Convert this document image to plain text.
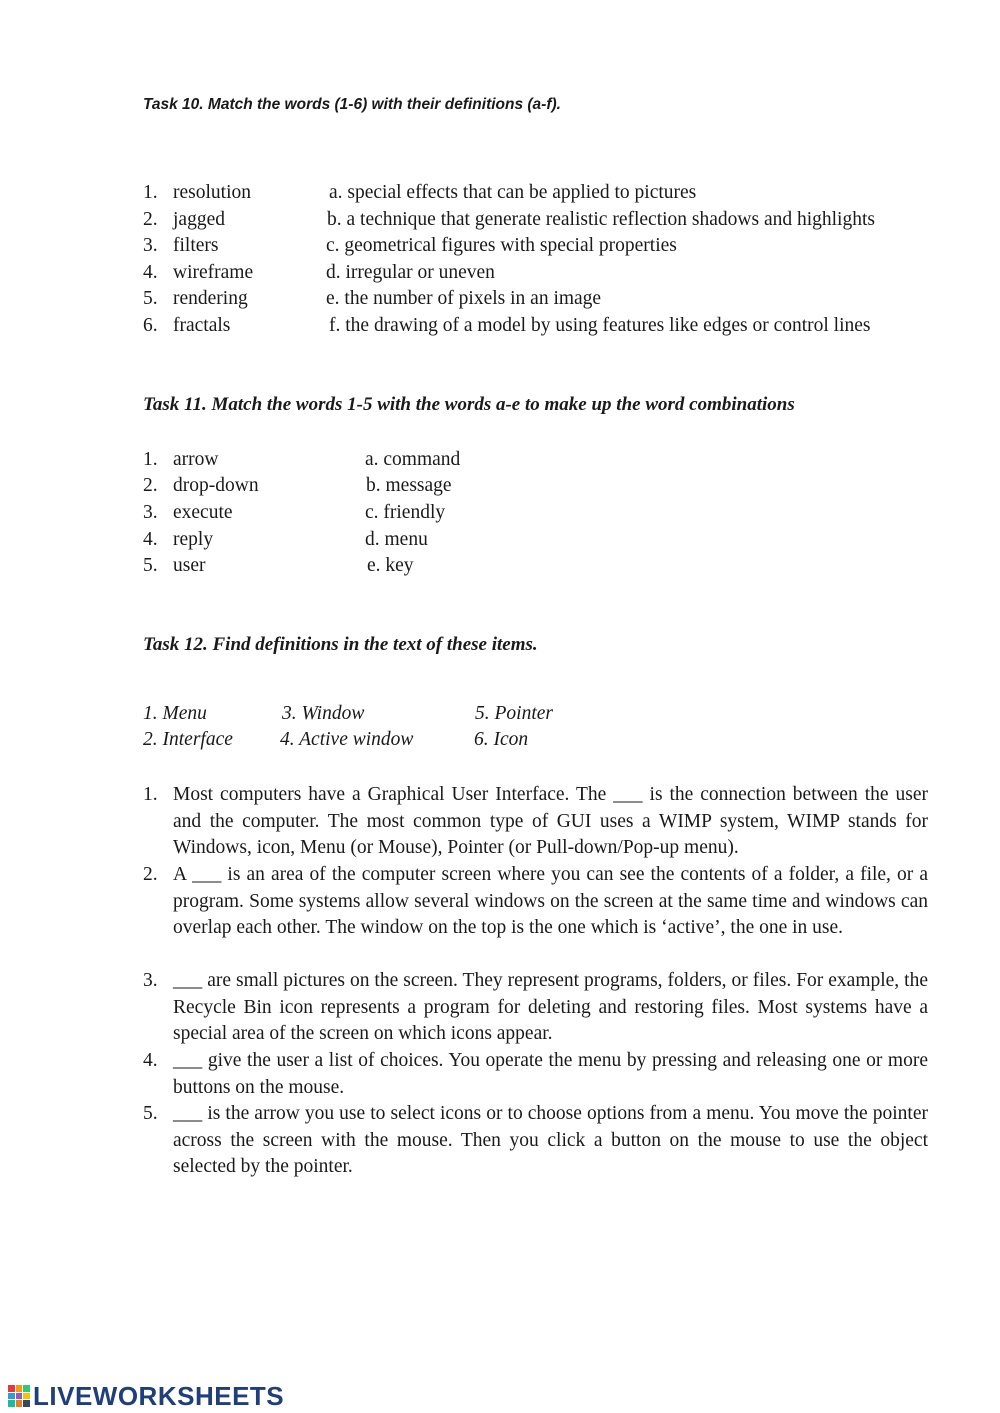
Task 10. Match the words (1-6) with their definitions (a-f).
1. resolution	a. special effects that can be applied to pictures
2. jagged	b. a technique that generate realistic reflection shadows and highlights
3. filters	c. geometrical figures with special properties
4. wireframe	d. irregular or uneven
5. rendering	e. the number of pixels in an image
6. fractals	f. the drawing of a model by using features like edges or control lines
Task 11. Match the words 1-5 with the words a-e to make up the word combinations
1. arrow	a. command
2. drop-down	b. message
3. execute	c. friendly
4. reply	d. menu
5. user	e. key
Task 12. Find definitions in the text of these items.
1. Menu	3. Window	5. Pointer
2. Interface 4. Active window	6. Icon
1. Most computers have a Graphical User Interface. The ___ is the connection between the user and the computer. The most common type of GUI uses a WIMP system, WIMP stands for Windows, icon, Menu (or Mouse), Pointer (or Pull-down/Pop-up menu).
2. A ___ is an area of the computer screen where you can see the contents of a folder, a file, or a program. Some systems allow several windows on the screen at the same time and windows can overlap each other. The window on the top is the one which is ‘active’, the one in use.
3. ___ are small pictures on the screen. They represent programs, folders, or files. For example, the Recycle Bin icon represents a program for deleting and restoring files. Most systems have a special area of the screen on which icons appear.
4. ___ give the user a list of choices. You operate the menu by pressing and releasing one or more buttons on the mouse.
5. ___ is the arrow you use to select icons or to choose options from a menu. You move the pointer across the screen with the mouse. Then you click a button on the mouse to use the object selected by the pointer.
LIVEWORKSHEETS
